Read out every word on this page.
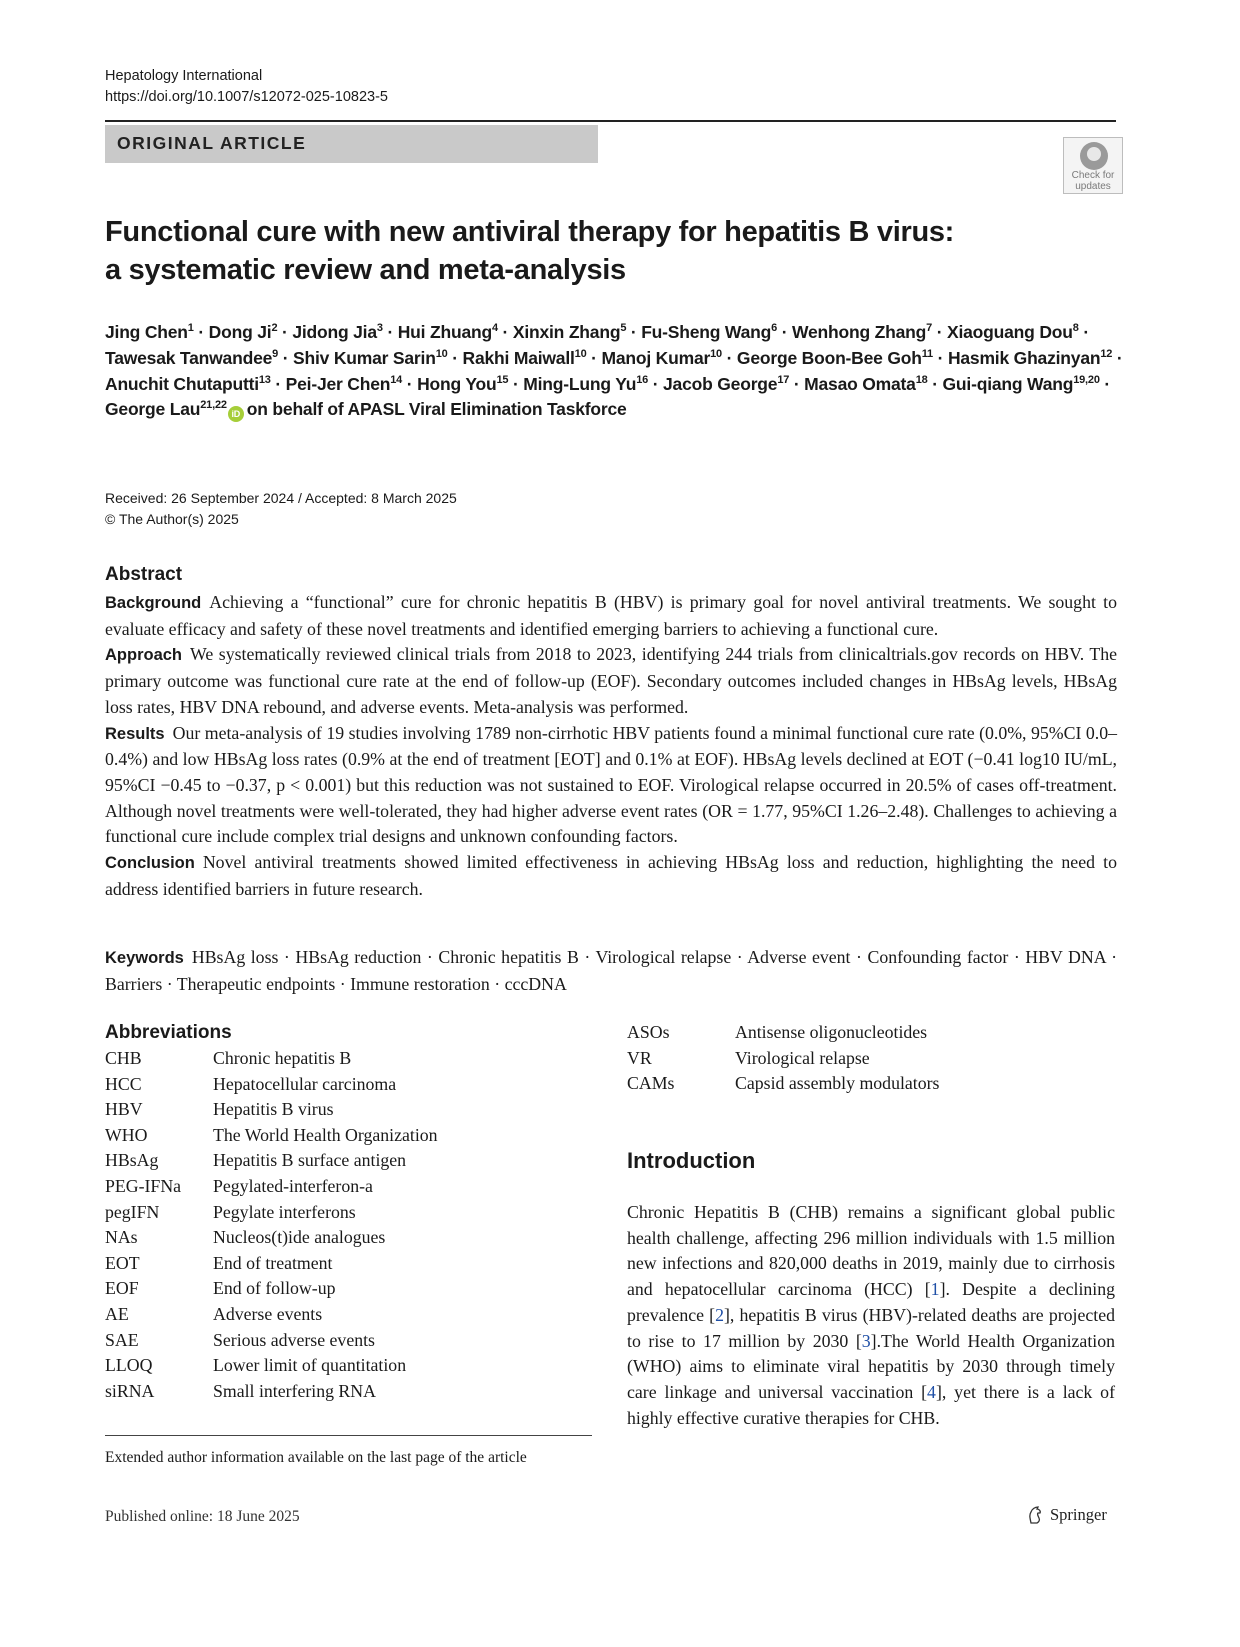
Hepatology International
https://doi.org/10.1007/s12072-025-10823-5
ORIGINAL ARTICLE
Check for
updates
Functional cure with new antiviral therapy for hepatitis B virus:
a systematic review and meta-analysis
Jing Chen$^1$ · Dong $Ji^2$ · Jidong Jia$^3$ · Hui Zhuang$^4$ · Xinxin Zhang$^5$ · Fu-Sheng Wang$^6$ · Wenhong Zhang$^7$ · Xiaoguang Dou$^8$ · Tawesak Tanwandee$^9$ · Shiv Kumar Sarin$^{10}$ · Rakhi Maiwall$^{10}$ · Manoj Kumar$^{10}$ · George Boon-Bee Goh$^{11}$ · Hasmik Ghazinyan$^{12}$ · Anuchit Chutaputti$^{13}$ · Pei-Jer Chen$^{14}$ · Hong You$^{15}$ · Ming-Lung $Yu^{16}$ · Jacob George$^{17}$ · Masao Omata$^{18}$ · Gui-qiang Wang$^{19,20}$ · George Lau$^{21,22}$iD on behalf of APASL Viral Elimination Taskforce
Received: 26 September 2024 / Accepted: 8 March 2025
© The Author(s) 2025
Abstract
Background Achieving a “functional” cure for chronic hepatitis B (HBV) is primary goal for novel antiviral treatments. We sought to evaluate efficacy and safety of these novel treatments and identified emerging barriers to achieving a functional cure.
Approach We systematically reviewed clinical trials from 2018 to 2023, identifying 244 trials from clinicaltrials.gov records on HBV. The primary outcome was functional cure rate at the end of follow-up (EOF). Secondary outcomes included changes in HBsAg levels, HBsAg loss rates, HBV DNA rebound, and adverse events. Meta-analysis was performed.
Results Our meta-analysis of 19 studies involving 1789 non-cirrhotic HBV patients found a minimal functional cure rate (0.0%, 95%CI 0.0–0.4%) and low HBsAg loss rates (0.9% at the end of treatment [EOT] and 0.1% at EOF). HBsAg levels declined at EOT (−0.41 log10 IU/mL, 95%CI −0.45 to −0.37, p < 0.001) but this reduction was not sustained to EOF. Virological relapse occurred in 20.5% of cases off-treatment. Although novel treatments were well-tolerated, they had higher adverse event rates (OR = 1.77, 95%CI 1.26–2.48). Challenges to achieving a functional cure include complex trial designs and unknown confounding factors.
Conclusion Novel antiviral treatments showed limited effectiveness in achieving HBsAg loss and reduction, highlighting the need to address identified barriers in future research.
Keywords HBsAg loss · HBsAg reduction · Chronic hepatitis B · Virological relapse · Adverse event · Confounding factor · HBV DNA · Barriers · Therapeutic endpoints · Immune restoration · cccDNA
Abbreviations
CHB	Chronic hepatitis B
HCC	Hepatocellular carcinoma
HBV	Hepatitis B virus
WHO	The World Health Organization
HBsAg	Hepatitis B surface antigen
PEG-IFNa	Pegylated-interferon-a
pegIFN	Pegylate interferons
NAs	Nucleos(t)ide analogues
EOT	End of treatment
EOF	End of follow-up
AE	Adverse events
SAE	Serious adverse events
LLOQ	Lower limit of quantitation
siRNA	Small interfering RNA
ASOs	Antisense oligonucleotides
VR	Virological relapse
CAMs	Capsid assembly modulators
Extended author information available on the last page of the article
Introduction
Chronic Hepatitis B (CHB) remains a significant global public health challenge, affecting 296 million individuals with 1.5 million new infections and 820,000 deaths in 2019, mainly due to cirrhosis and hepatocellular carcinoma (HCC) [1]. Despite a declining prevalence [2], hepatitis B virus (HBV)-related deaths are projected to rise to 17 million by 2030 [3].The World Health Organization (WHO) aims to eliminate viral hepatitis by 2030 through timely care linkage and universal vaccination [4], yet there is a lack of highly effective curative therapies for CHB.
Published online: 18 June 2025	Springer
